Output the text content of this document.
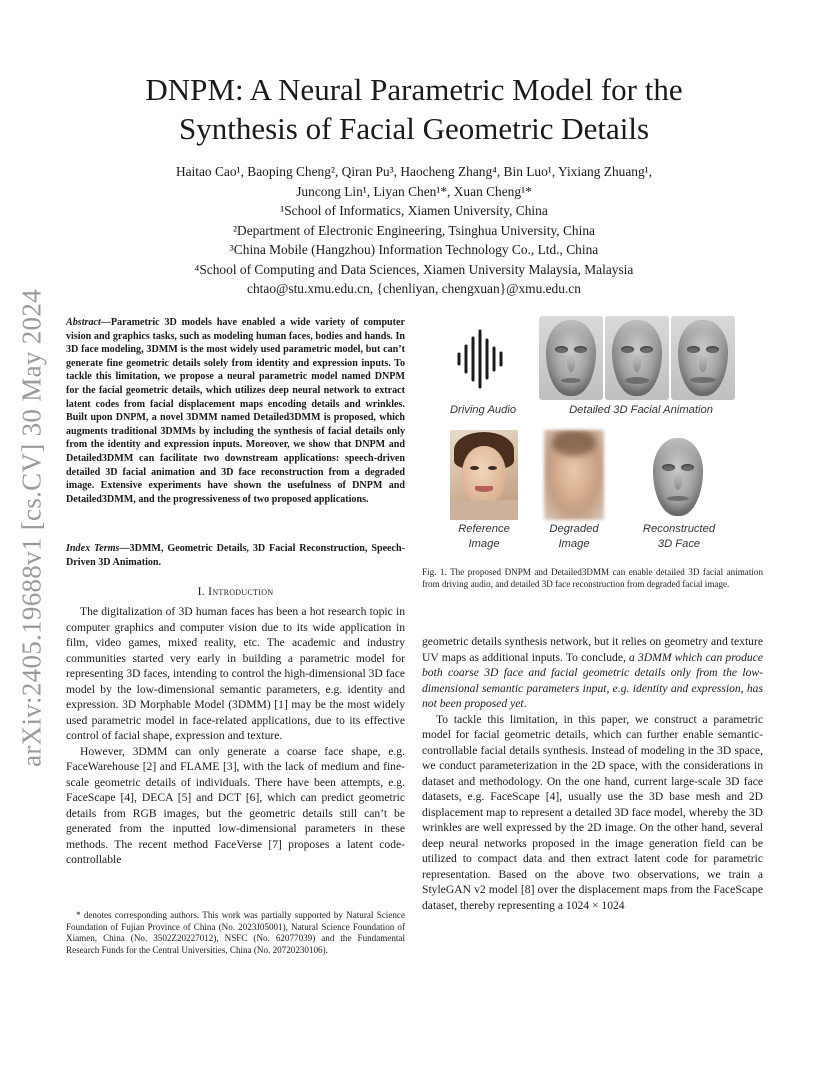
arXiv:2405.19688v1 [cs.CV] 30 May 2024
DNPM: A Neural Parametric Model for the
Synthesis of Facial Geometric Details
Haitao Cao¹, Baoping Cheng², Qiran Pu³, Haocheng Zhang⁴, Bin Luo¹, Yixiang Zhuang¹,
Juncong Lin¹, Liyan Chen¹*, Xuan Cheng¹*
¹School of Informatics, Xiamen University, China
²Department of Electronic Engineering, Tsinghua University, China
³China Mobile (Hangzhou) Information Technology Co., Ltd., China
⁴School of Computing and Data Sciences, Xiamen University Malaysia, Malaysia
chtao@stu.xmu.edu.cn, {chenliyan, chengxuan}@xmu.edu.cn
Abstract—Parametric 3D models have enabled a wide variety of computer vision and graphics tasks, such as modeling human faces, bodies and hands. In 3D face modeling, 3DMM is the most widely used parametric model, but can’t generate fine geometric details solely from identity and expression inputs. To tackle this limitation, we propose a neural parametric model named DNPM for the facial geometric details, which utilizes deep neural network to extract latent codes from facial displacement maps encoding details and wrinkles. Built upon DNPM, a novel 3DMM named Detailed3DMM is proposed, which augments traditional 3DMMs by including the synthesis of facial details only from the identity and expression inputs. Moreover, we show that DNPM and Detailed3DMM can facilitate two downstream applications: speech-driven detailed 3D facial animation and 3D face reconstruction from a degraded image. Extensive experiments have shown the usefulness of DNPM and Detailed3DMM, and the progressiveness of two proposed applications.
Index Terms—3DMM, Geometric Details, 3D Facial Reconstruction, Speech-Driven 3D Animation.
I. Introduction

The digitalization of 3D human faces has been a hot research topic in computer graphics and computer vision due to its wide application in film, video games, mixed reality, etc. The academic and industry communities started very early in building a parametric model for representing 3D faces, intending to control the high-dimensional 3D face model by the low-dimensional semantic parameters, e.g. identity and expression. 3D Morphable Model (3DMM) [1] may be the most widely used parametric model in face-related applications, due to its effective control of facial shape, expression and texture.

However, 3DMM can only generate a coarse face shape, e.g. FaceWarehouse [2] and FLAME [3], with the lack of medium and fine-scale geometric details of individuals. There have been attempts, e.g. FaceScape [4], DECA [5] and DCT [6], which can predict geometric details from RGB images, but the geometric details still can’t be generated from the inputted low-dimensional parameters in these methods. The recent method FaceVerse [7] proposes a latent code-controllable

* denotes corresponding authors. This work was partially supported by Natural Science Foundation of Fujian Province of China (No. 2023J05001), Natural Science Foundation of Xiamen, China (No. 3502Z20227012), NSFC (No. 62077039) and the Fundamental Research Funds for the Central Universities, China (No. 20720230106).

Driving Audio	Detailed 3D Facial Animation
Reference
Image
Degraded
Image
Reconstructed
3D Face
Fig. 1. The proposed DNPM and Detailed3DMM can enable detailed 3D facial animation from driving audio, and detailed 3D face reconstruction from degraded facial image.

geometric details synthesis network, but it relies on geometry and texture UV maps as additional inputs. To conclude, a 3DMM which can produce both coarse 3D face and facial geometric details only from the low-dimensional semantic parameters input, e.g. identity and expression, has not been proposed yet.

To tackle this limitation, in this paper, we construct a parametric model for facial geometric details, which can further enable semantic-controllable facial details synthesis. Instead of modeling in the 3D space, we conduct parameterization in the 2D space, with the considerations in dataset and methodology. On the one hand, current large-scale 3D face datasets, e.g. FaceScape [4], usually use the 3D base mesh and 2D displacement map to represent a detailed 3D face model, whereby the 3D wrinkles are well expressed by the 2D image. On the other hand, several deep neural networks proposed in the image generation field can be utilized to compact data and then extract latent code for parametric representation. Based on the above two observations, we train a StyleGAN v2 model [8] over the displacement maps from the FaceScape dataset, thereby representing a 1024 × 1024
